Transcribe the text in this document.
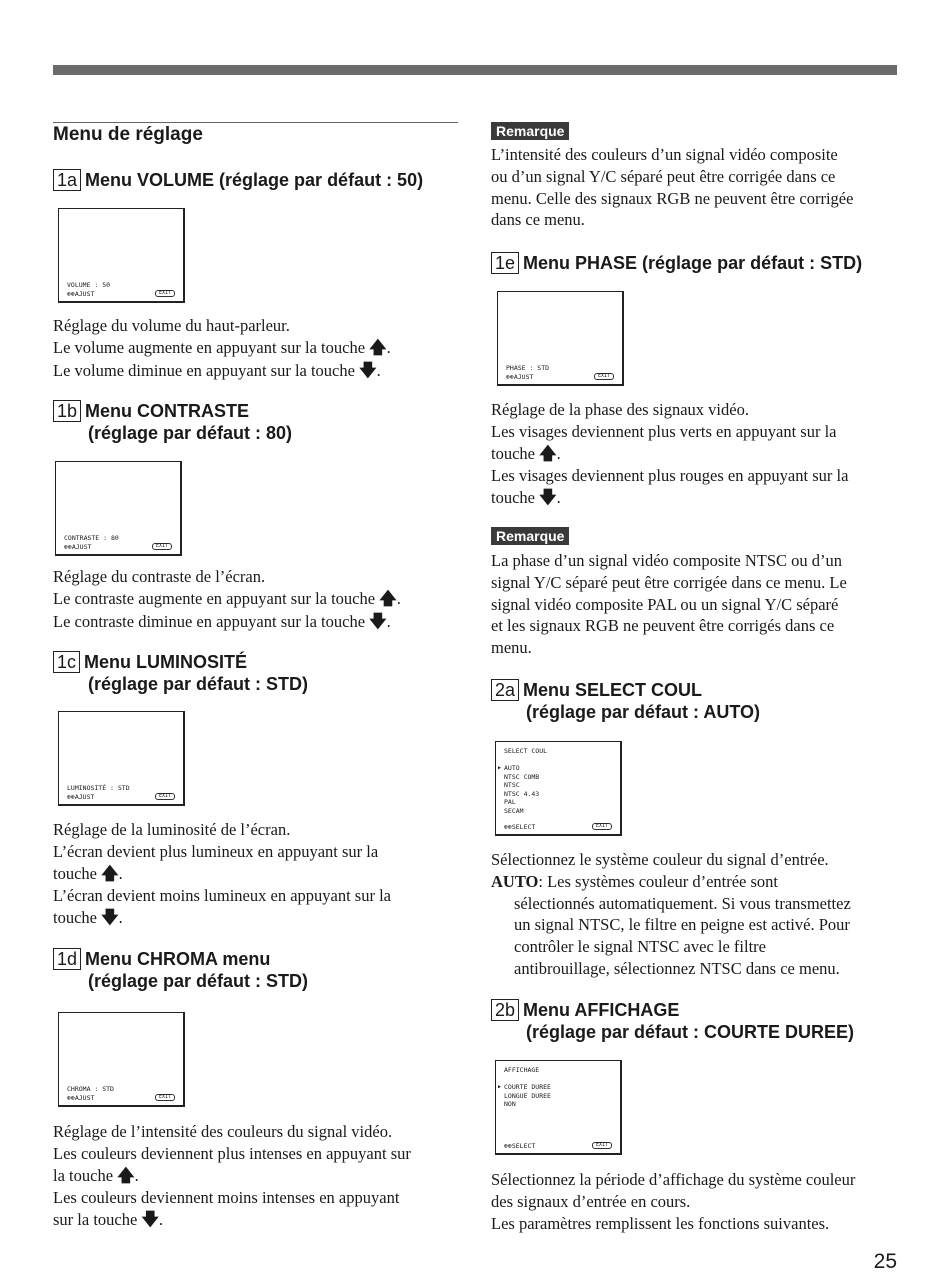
Menu de réglage
1a Menu VOLUME (réglage par défaut : 50)
VOLUME : 50
⊕⊕AJUST	EXIT
Réglage du volume du haut-parleur.
Le volume augmente en appuyant sur la touche 🡅.
Le volume diminue en appuyant sur la touche 🡇.
1b Menu CONTRASTE
(réglage par défaut : 80)
CONTRASTE : 80
⊕⊕AJUST	EXIT
Réglage du contraste de l’écran.
Le contraste augmente en appuyant sur la touche 🡅.
Le contraste diminue en appuyant sur la touche 🡇.
1c Menu LUMINOSITÉ
(réglage par défaut : STD)
LUMINOSITÉ : STD
⊕⊕AJUST	EXIT
Réglage de la luminosité de l’écran.
L’écran devient plus lumineux en appuyant sur la
touche 🡅.
L’écran devient moins lumineux en appuyant sur la
touche 🡇.
1d Menu CHROMA menu
(réglage par défaut : STD)
CHROMA : STD
⊕⊕AJUST	EXIT
Réglage de l’intensité des couleurs du signal vidéo.
Les couleurs deviennent plus intenses en appuyant sur
la touche 🡅.
Les couleurs deviennent moins intenses en appuyant
sur la touche 🡇.
Remarque
L’intensité des couleurs d’un signal vidéo composite
ou d’un signal Y/C séparé peut être corrigée dans ce
menu. Celle des signaux RGB ne peuvent être corrigée
dans ce menu.
1e Menu PHASE (réglage par défaut : STD)
PHASE : STD
⊕⊕AJUST	EXIT
Réglage de la phase des signaux vidéo.
Les visages deviennent plus verts en appuyant sur la
touche 🡅.
Les visages deviennent plus rouges en appuyant sur la
touche 🡇.
Remarque
La phase d’un signal vidéo composite NTSC ou d’un
signal Y/C séparé peut être corrigée dans ce menu. Le
signal vidéo composite PAL ou un signal Y/C séparé
et les signaux RGB ne peuvent être corrigés dans ce
menu.
2a Menu SELECT COUL
(réglage par défaut : AUTO)
SELECT COUL
▶ AUTO
NTSC COMB
NTSC
NTSC 4.43
PAL
SECAM
⊕⊕SELECT	EXIT
Sélectionnez le système couleur du signal d’entrée.
AUTO: Les systèmes couleur d’entrée sont
sélectionnés automatiquement. Si vous transmettez
un signal NTSC, le filtre en peigne est activé. Pour
contrôler le signal NTSC avec le filtre
antibrouillage, sélectionnez NTSC dans ce menu.
2b Menu AFFICHAGE
(réglage par défaut : COURTE DUREE)
AFFICHAGE
▶ COURTE DUREE
LONGUE DUREE
NON
⊕⊕SELECT	EXIT
Sélectionnez la période d’affichage du système couleur
des signaux d’entrée en cours.
Les paramètres remplissent les fonctions suivantes.
25
